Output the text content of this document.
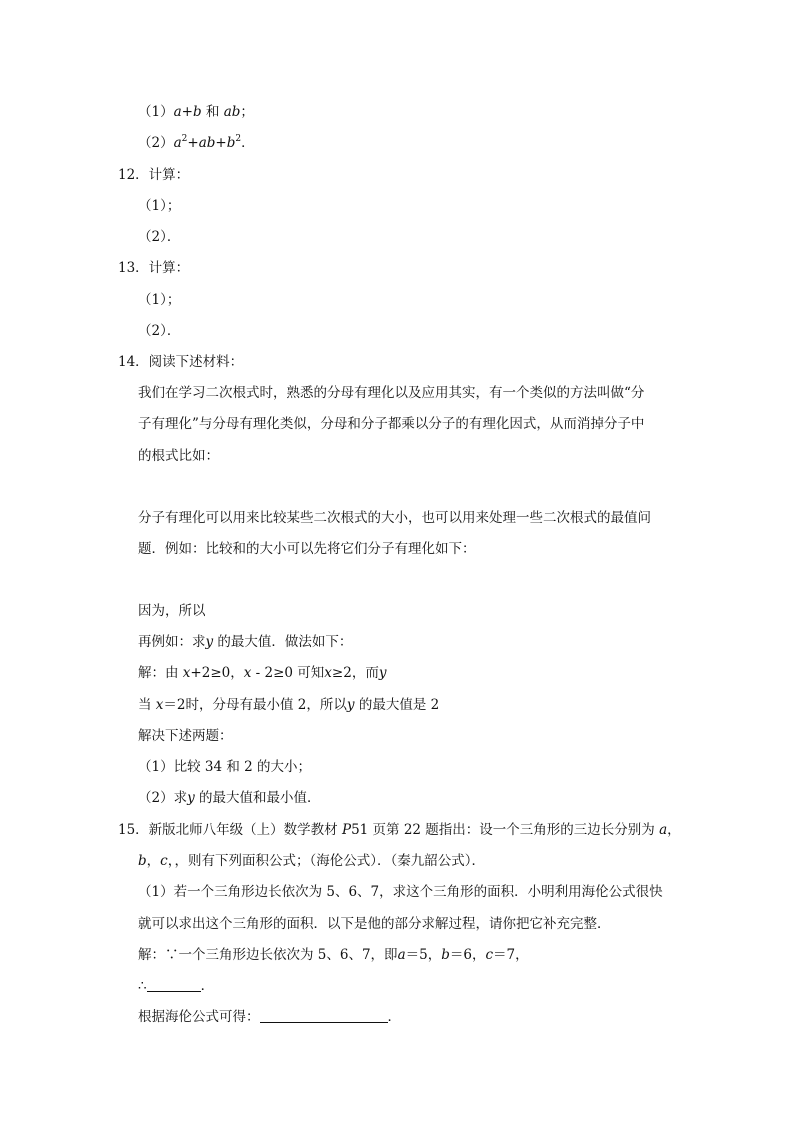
（1）a+b 和 ab；
$(2)a^2+ab+b^2$．
12．计算：
（1）；
（2）．
13．计算：
（1）；
（2）．
14．阅读下述材料：
我们在学习二次根式时，熟悉的分母有理化以及应用其实，有一个类似的方法叫做“分
子有理化”与分母有理化类似，分母和分子都乘以分子的有理化因式，从而消掉分子中
的根式比如：
分子有理化可以用来比较某些二次根式的大小，也可以用来处理一些二次根式的最值问
题．例如：比较和的大小可以先将它们分子有理化如下：
因为，所以
再例如：求y 的最大值．做法如下：
解：由 x+2≥0，x - 2≥0 可知x≥2，而y
当 x＝2时，分母有最小值 2，所以y 的最大值是 2
解决下述两题：
（1）比较 34 和 2 的大小；
（2）求y 的最大值和最小值．
15．新版北师八年级（上）数学教材 P51 页第 22 题指出：设一个三角形的三边长分别为 a，
b，c，，则有下列面积公式；（海伦公式）．（秦九韶公式）．
（1）若一个三角形边长依次为 5、6、7，求这个三角形的面积．小明利用海伦公式很快
就可以求出这个三角形的面积．以下是他的部分求解过程，请你把它补充完整．
解：∵一个三角形边长依次为 5、6、7，即a＝5，b＝6，c＝7，
∴	．
根据海伦公式可得：	．
